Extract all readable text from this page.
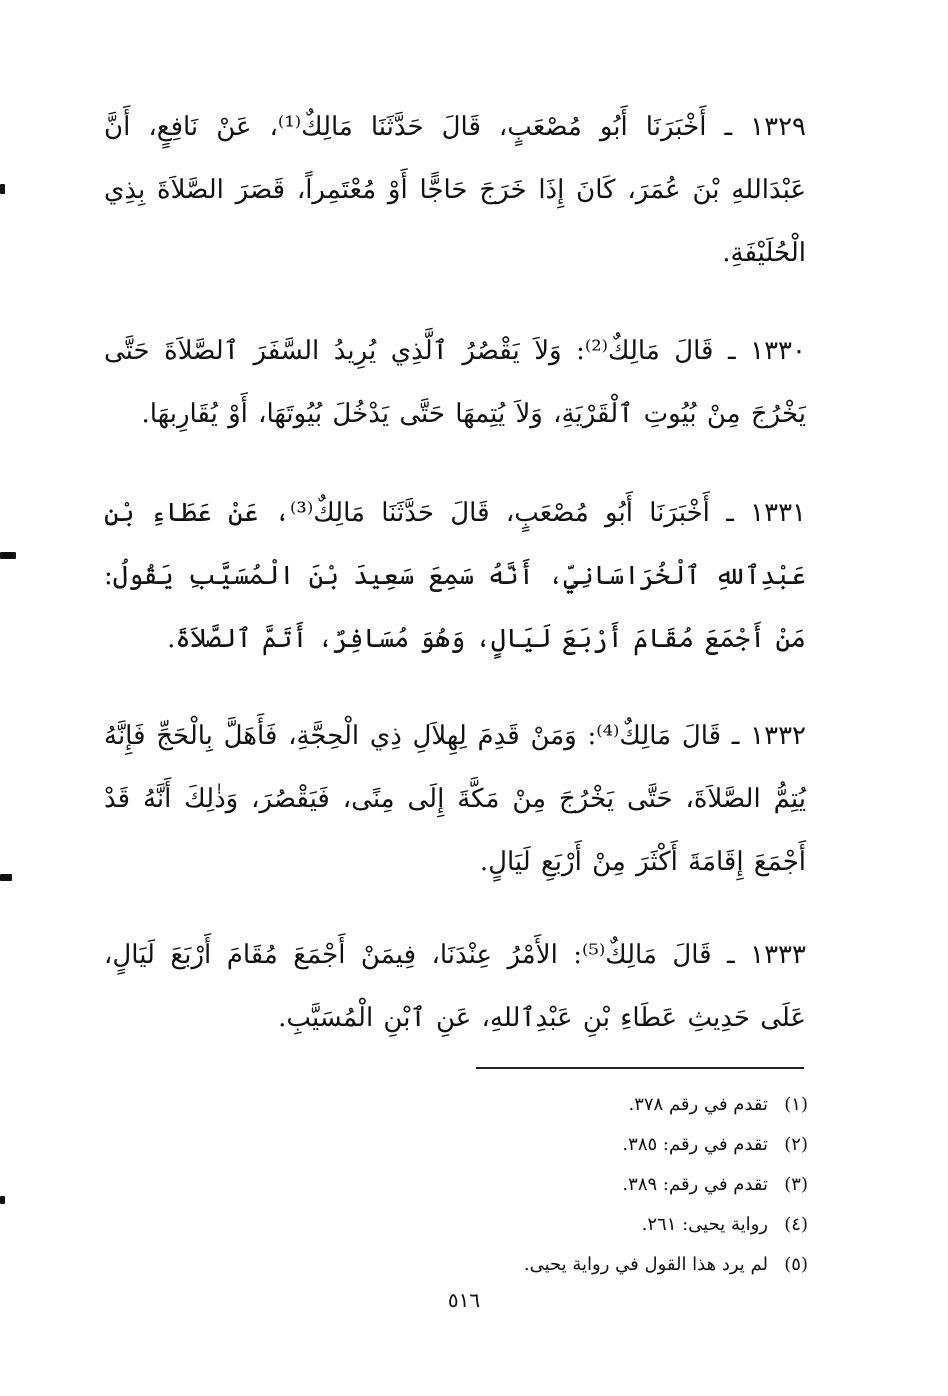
١٣٢٩ ـ أَخْبَرَنَا أَبُو مُصْعَبٍ، قَالَ حَدَّثَنَا مَالِكٌ⁽¹⁾، عَنْ نَافِعٍ، أَنَّ عَبْدَاللهِ بْنَ عُمَرَ، كَانَ إِذَا خَرَجَ حَاجًّا أَوْ مُعْتَمِراً، قَصَرَ الصَّلاَةَ بِذِي الْحُلَيْفَةِ.

١٣٣٠ ـ قَالَ مَالِكٌ⁽²⁾: وَلاَ يَقْصُرُ ٱلَّذِي يُرِيدُ السَّفَرَ ٱلصَّلاَةَ حَتَّى يَخْرُجَ مِنْ بُيُوتِ ٱلْقَرْيَةِ، وَلاَ يُتِمهَا حَتَّى يَدْخُلَ بُيُوتَهَا، أَوْ يُقَارِبهَا.

١٣٣١ ـ أَخْبَرَنَا أَبُو مُصْعَبٍ، قَالَ حَدَّثَنَا مَالِكٌ⁽³⁾، عَنْ عَطَاءِ بْنِ عَبْدِٱللهِ ٱلْخُرَاسَانِيِّ، أَنَّهُ سَمِعَ سَعِيدَ بْنَ الْمُسَيَّبِ يَقُولُ: مَنْ أَجْمَعَ مُقَامَ أَرْبَعَ لَيَالٍ، وَهُوَ مُسَافِرٌ، أَتَمَّ ٱلصَّلاَةَ.

١٣٣٢ ـ قَالَ مَالِكٌ⁽⁴⁾: وَمَنْ قَدِمَ لِهِلاَلِ ذِي الْحِجَّةِ، فَأَهَلَّ بِالْحَجِّ فَإِنَّهُ يُتِمُّ الصَّلاَةَ، حَتَّى يَخْرُجَ مِنْ مَكَّةَ إِلَى مِنًى، فَيَقْصُرَ، وَذٰلِكَ أَنَّهُ قَدْ أَجْمَعَ إِقَامَةَ أَكْثَرَ مِنْ أَرْبَعِ لَيَالٍ.

١٣٣٣ ـ قَالَ مَالِكٌ⁽⁵⁾: الأَمْرُ عِنْدَنَا، فِيمَنْ أَجْمَعَ مُقَامَ أَرْبَعَ لَيَالٍ، عَلَى حَدِيثِ عَطَاءِ بْنِ عَبْدِٱللهِ، عَنِ ٱبْنِ الْمُسَيَّبِ.

(١)
تقدم في رقم ٣٧٨.
(٢)
تقدم في رقم: ٣٨٥.
(٣)
تقدم في رقم: ٣٨٩.
(٤)
رواية يحيى: ٢٦١.
(٥)
لم يرد هذا القول في رواية يحيى.
٥١٦
